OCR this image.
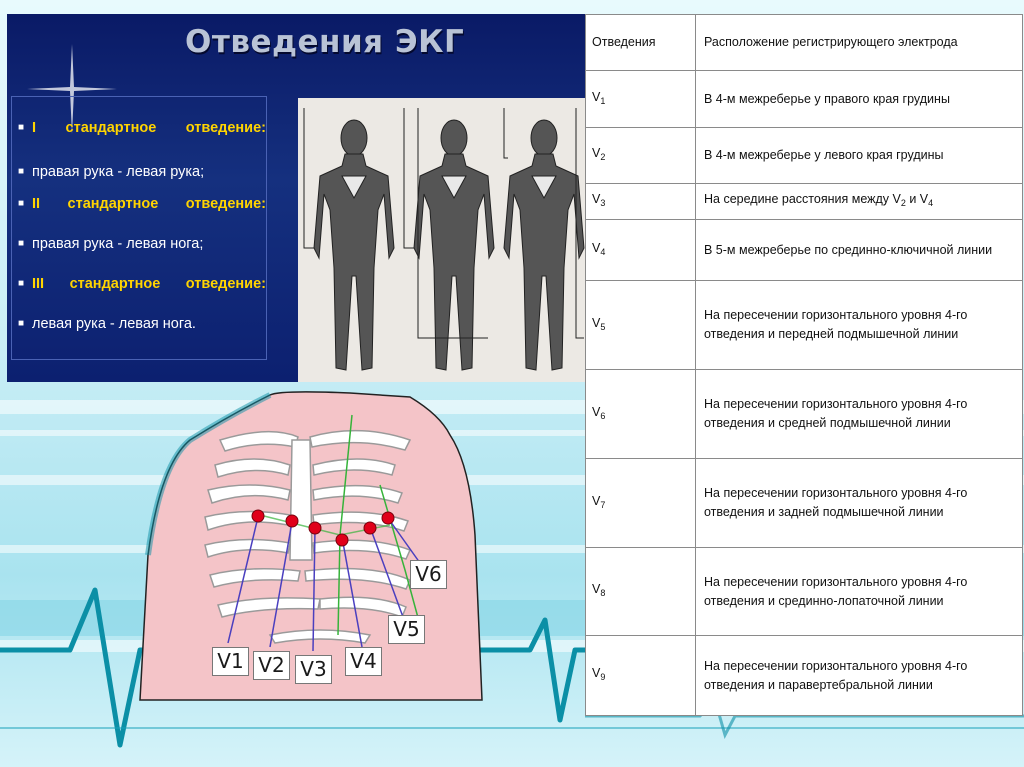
Отведения ЭКГ
■ I стандартное отведение:
■ правая рука - левая рука;
■ II стандартное отведение:
■ правая рука - левая нога;
■ III стандартное отведение:
■ левая рука - левая нога.
Отведения	Расположение регистрирующего электрода
$V_1$	В 4-м межреберье у правого края грудины
$V_2$	В 4-м межреберье у левого края грудины
$V_3$	На середине расстояния между $V_2$ и $V_4$
$V_4$	В 5-м межреберье по срединно-ключичной линии
$V_5$	На пересечении горизонтального уровня 4-го отведения и передней подмышечной линии
$V_6$	На пересечении горизонтального уровня 4-го отведения и средней подмышечной линии
$V_7$	На пересечении горизонтального уровня 4-го отведения и задней подмышечной линии
$V_8$	На пересечении горизонтального уровня 4-го отведения и срединно-лопаточной линии
$V_9$	На пересечении горизонтального уровня 4-го отведения и паравертебральной линии
V1 V2 V3 V4
V5
V6
